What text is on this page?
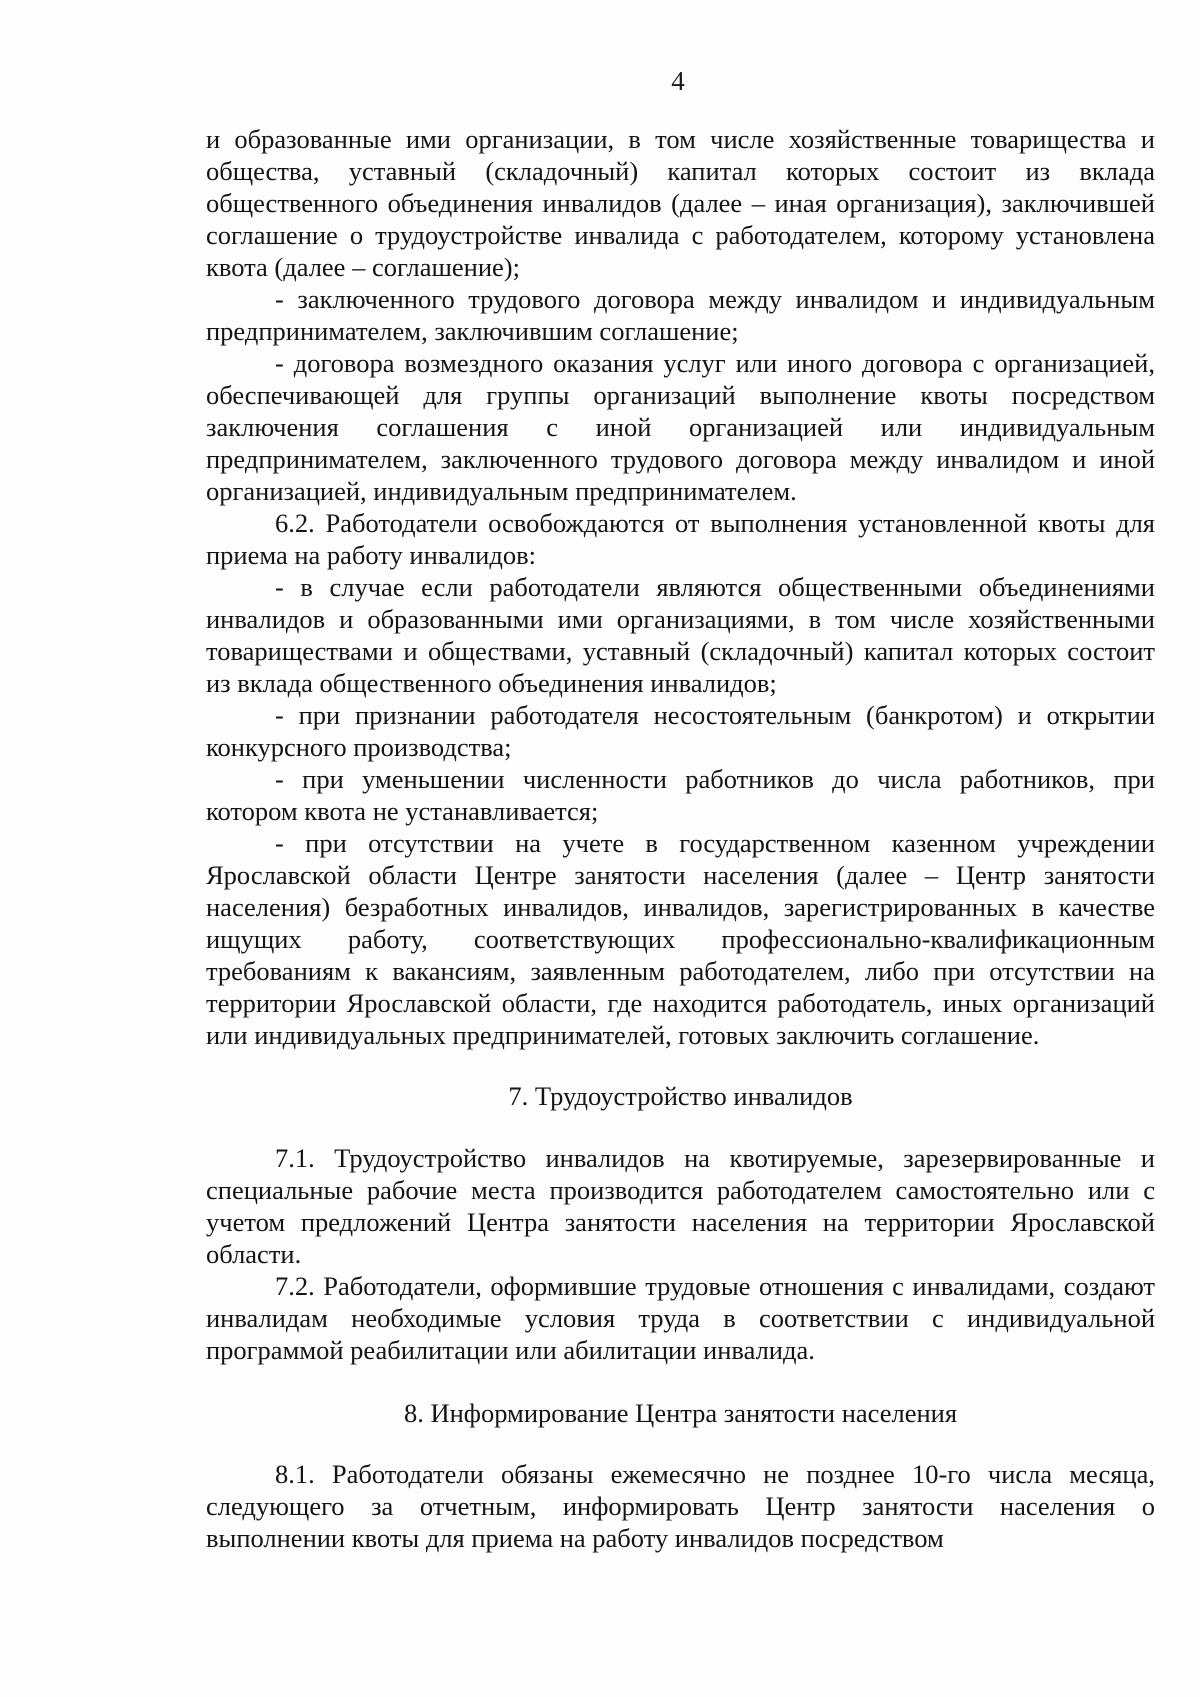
4

и образованные ими организации, в том числе хозяйственные товарищества и общества, уставный (складочный) капитал которых состоит из вклада общественного объединения инвалидов (далее – иная организация), заключившей соглашение о трудоустройстве инвалида с работодателем, которому установлена квота (далее – соглашение);

- заключенного трудового договора между инвалидом и индивидуальным предпринимателем, заключившим соглашение;

- договора возмездного оказания услуг или иного договора с организацией, обеспечивающей для группы организаций выполнение квоты посредством заключения соглашения с иной организацией или индивидуальным предпринимателем, заключенного трудового договора между инвалидом и иной организацией, индивидуальным предпринимателем.

6.2. Работодатели освобождаются от выполнения установленной квоты для приема на работу инвалидов:

- в случае если работодатели являются общественными объединениями инвалидов и образованными ими организациями, в том числе хозяйственными товариществами и обществами, уставный (складочный) капитал которых состоит из вклада общественного объединения инвалидов;

- при признании работодателя несостоятельным (банкротом) и открытии конкурсного производства;

- при уменьшении численности работников до числа работников, при котором квота не устанавливается;

- при отсутствии на учете в государственном казенном учреждении Ярославской области Центре занятости населения (далее – Центр занятости населения) безработных инвалидов, инвалидов, зарегистрированных в качестве ищущих работу, соответствующих профессионально-квалификационным требованиям к вакансиям, заявленным работодателем, либо при отсутствии на территории Ярославской области, где находится работодатель, иных организаций или индивидуальных предпринимателей, готовых заключить соглашение.

7. Трудоустройство инвалидов

7.1. Трудоустройство инвалидов на квотируемые, зарезервированные и специальные рабочие места производится работодателем самостоятельно или с учетом предложений Центра занятости населения на территории Ярославской области.

7.2. Работодатели, оформившие трудовые отношения с инвалидами, создают инвалидам необходимые условия труда в соответствии с индивидуальной программой реабилитации или абилитации инвалида.

8. Информирование Центра занятости населения

8.1. Работодатели обязаны ежемесячно не позднее 10-го числа месяца, следующего за отчетным, информировать Центр занятости населения о выполнении квоты для приема на работу инвалидов посредством
